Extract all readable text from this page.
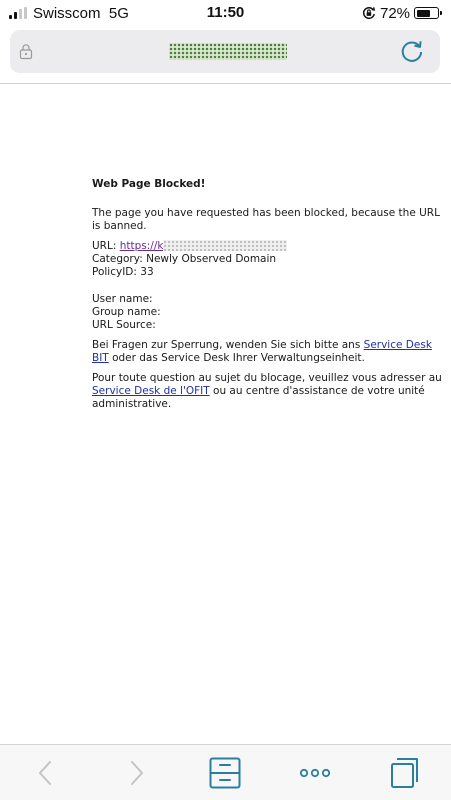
Swisscom 5G	11:50	72%
Web Page Blocked!

The page you have requested has been blocked, because the URL is banned.

URL: https://k

Category: Newly Observed Domain

PolicyID: 33

User name:

Group name:

URL Source:

Bei Fragen zur Sperrung, wenden Sie sich bitte ans Service Desk BIT oder das Service Desk Ihrer Verwaltungseinheit.

Pour toute question au sujet du blocage, veuillez vous adresser au Service Desk de l'OFIT ou au centre d'assistance de votre unité administrative.
